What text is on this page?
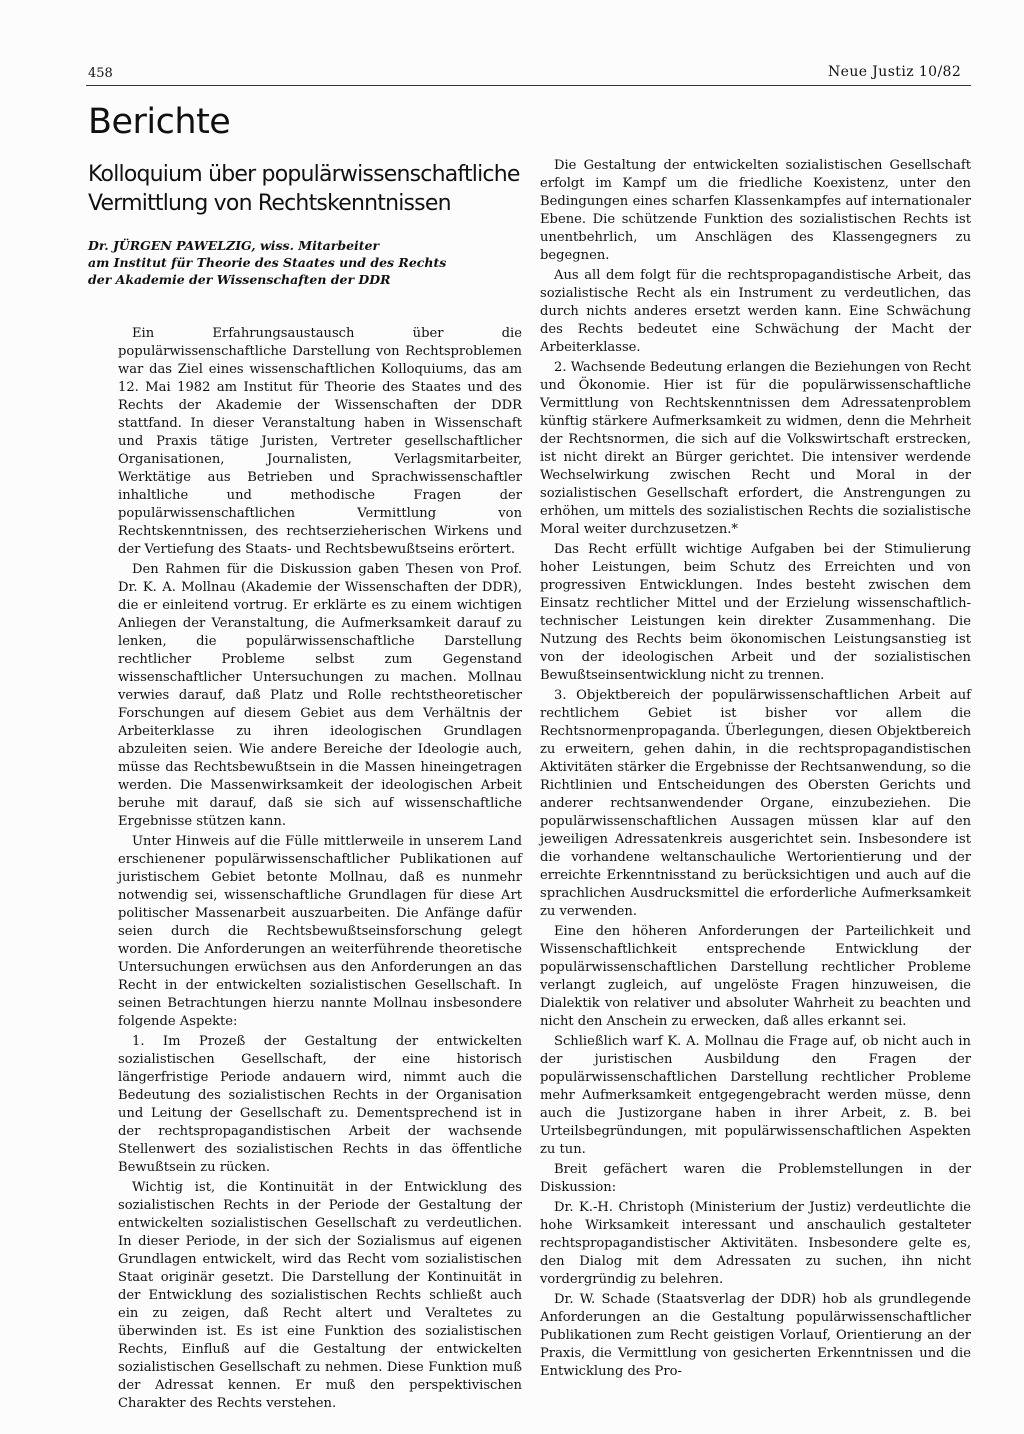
458	Neue Justiz 10/82
Berichte
Kolloquium über populärwissenschaftliche Vermittlung von Rechtskenntnissen
Dr. JÜRGEN PAWELZIG, wiss. Mitarbeiter
am Institut für Theorie des Staates und des Rechts
der Akademie der Wissenschaften der DDR

Ein Erfahrungsaustausch über die populärwissenschaftliche Darstellung von Rechtsproblemen war das Ziel eines wissenschaftlichen Kolloquiums, das am 12. Mai 1982 am Institut für Theorie des Staates und des Rechts der Akademie der Wissenschaften der DDR stattfand. In dieser Veranstaltung haben in Wissenschaft und Praxis tätige Juristen, Vertreter gesellschaftlicher Organisationen, Journalisten, Verlagsmitarbeiter, Werktätige aus Betrieben und Sprachwissenschaftler inhaltliche und methodische Fragen der populärwissenschaftlichen Vermittlung von Rechtskenntnissen, des rechtserzieherischen Wirkens und der Vertiefung des Staats- und Rechtsbewußtseins erörtert.

Den Rahmen für die Diskussion gaben Thesen von Prof. Dr. K. A. Mollnau (Akademie der Wissenschaften der DDR), die er einleitend vortrug. Er erklärte es zu einem wichtigen Anliegen der Veranstaltung, die Aufmerksamkeit darauf zu lenken, die populärwissenschaftliche Darstellung rechtlicher Probleme selbst zum Gegenstand wissenschaftlicher Untersuchungen zu machen. Mollnau verwies darauf, daß Platz und Rolle rechtstheoretischer Forschungen auf diesem Gebiet aus dem Verhältnis der Arbeiterklasse zu ihren ideologischen Grundlagen abzuleiten seien. Wie andere Bereiche der Ideologie auch, müsse das Rechtsbewußtsein in die Massen hineingetragen werden. Die Massenwirksamkeit der ideologischen Arbeit beruhe mit darauf, daß sie sich auf wissenschaftliche Ergebnisse stützen kann.

Unter Hinweis auf die Fülle mittlerweile in unserem Land erschienener populärwissenschaftlicher Publikationen auf juristischem Gebiet betonte Mollnau, daß es nunmehr notwendig sei, wissenschaftliche Grundlagen für diese Art politischer Massenarbeit auszuarbeiten. Die Anfänge dafür seien durch die Rechtsbewußtseinsforschung gelegt worden. Die Anforderungen an weiterführende theoretische Untersuchungen erwüchsen aus den Anforderungen an das Recht in der entwickelten sozialistischen Gesellschaft. In seinen Betrachtungen hierzu nannte Mollnau insbesondere folgende Aspekte:

1. Im Prozeß der Gestaltung der entwickelten sozialistischen Gesellschaft, der eine historisch längerfristige Periode andauern wird, nimmt auch die Bedeutung des sozialistischen Rechts in der Organisation und Leitung der Gesellschaft zu. Dementsprechend ist in der rechtspropagandistischen Arbeit der wachsende Stellenwert des sozialistischen Rechts in das öffentliche Bewußtsein zu rücken.

Wichtig ist, die Kontinuität in der Entwicklung des sozialistischen Rechts in der Periode der Gestaltung der entwickelten sozialistischen Gesellschaft zu verdeutlichen. In dieser Periode, in der sich der Sozialismus auf eigenen Grundlagen entwickelt, wird das Recht vom sozialistischen Staat originär gesetzt. Die Darstellung der Kontinuität in der Entwicklung des sozialistischen Rechts schließt auch ein zu zeigen, daß Recht altert und Veraltetes zu überwinden ist. Es ist eine Funktion des sozialistischen Rechts, Einfluß auf die Gestaltung der entwickelten sozialistischen Gesellschaft zu nehmen. Diese Funktion muß der Adressat kennen. Er muß den perspektivischen Charakter des Rechts verstehen.

Die Gestaltung der entwickelten sozialistischen Gesellschaft erfolgt im Kampf um die friedliche Koexistenz, unter den Bedingungen eines scharfen Klassenkampfes auf internationaler Ebene. Die schützende Funktion des sozialistischen Rechts ist unentbehrlich, um Anschlägen des Klassengegners zu begegnen.

Aus all dem folgt für die rechtspropagandistische Arbeit, das sozialistische Recht als ein Instrument zu verdeutlichen, das durch nichts anderes ersetzt werden kann. Eine Schwächung des Rechts bedeutet eine Schwächung der Macht der Arbeiterklasse.

2. Wachsende Bedeutung erlangen die Beziehungen von Recht und Ökonomie. Hier ist für die populärwissenschaftliche Vermittlung von Rechtskenntnissen dem Adressatenproblem künftig stärkere Aufmerksamkeit zu widmen, denn die Mehrheit der Rechtsnormen, die sich auf die Volkswirtschaft erstrecken, ist nicht direkt an Bürger gerichtet. Die intensiver werdende Wechselwirkung zwischen Recht und Moral in der sozialistischen Gesellschaft erfordert, die Anstrengungen zu erhöhen, um mittels des sozialistischen Rechts die sozialistische Moral weiter durchzusetzen.*

Das Recht erfüllt wichtige Aufgaben bei der Stimulierung hoher Leistungen, beim Schutz des Erreichten und von progressiven Entwicklungen. Indes besteht zwischen dem Einsatz rechtlicher Mittel und der Erzielung wissenschaftlich-technischer Leistungen kein direkter Zusammenhang. Die Nutzung des Rechts beim ökonomischen Leistungsanstieg ist von der ideologischen Arbeit und der sozialistischen Bewußtseinsentwicklung nicht zu trennen.

3. Objektbereich der populärwissenschaftlichen Arbeit auf rechtlichem Gebiet ist bisher vor allem die Rechtsnormenpropaganda. Überlegungen, diesen Objektbereich zu erweitern, gehen dahin, in die rechtspropagandistischen Aktivitäten stärker die Ergebnisse der Rechtsanwendung, so die Richtlinien und Entscheidungen des Obersten Gerichts und anderer rechtsanwendender Organe, einzubeziehen. Die populärwissenschaftlichen Aussagen müssen klar auf den jeweiligen Adressatenkreis ausgerichtet sein. Insbesondere ist die vorhandene weltanschauliche Wertorientierung und der erreichte Erkenntnisstand zu berücksichtigen und auch auf die sprachlichen Ausdrucksmittel die erforderliche Aufmerksamkeit zu verwenden.

Eine den höheren Anforderungen der Parteilichkeit und Wissenschaftlichkeit entsprechende Entwicklung der populärwissenschaftlichen Darstellung rechtlicher Probleme verlangt zugleich, auf ungelöste Fragen hinzuweisen, die Dialektik von relativer und absoluter Wahrheit zu beachten und nicht den Anschein zu erwecken, daß alles erkannt sei.

Schließlich warf K. A. Mollnau die Frage auf, ob nicht auch in der juristischen Ausbildung den Fragen der populärwissenschaftlichen Darstellung rechtlicher Probleme mehr Aufmerksamkeit entgegengebracht werden müsse, denn auch die Justizorgane haben in ihrer Arbeit, z. B. bei Urteilsbegründungen, mit populärwissenschaftlichen Aspekten zu tun.

Breit gefächert waren die Problemstellungen in der Diskussion:

Dr. K.-H. Christoph (Ministerium der Justiz) verdeutlichte die hohe Wirksamkeit interessant und anschaulich gestalteter rechtspropagandistischer Aktivitäten. Insbesondere gelte es, den Dialog mit dem Adressaten zu suchen, ihn nicht vordergründig zu belehren.

Dr. W. Schade (Staatsverlag der DDR) hob als grundlegende Anforderungen an die Gestaltung populärwissenschaftlicher Publikationen zum Recht geistigen Vorlauf, Orientierung an der Praxis, die Vermittlung von gesicherten Erkenntnissen und die Entwicklung des Pro-
